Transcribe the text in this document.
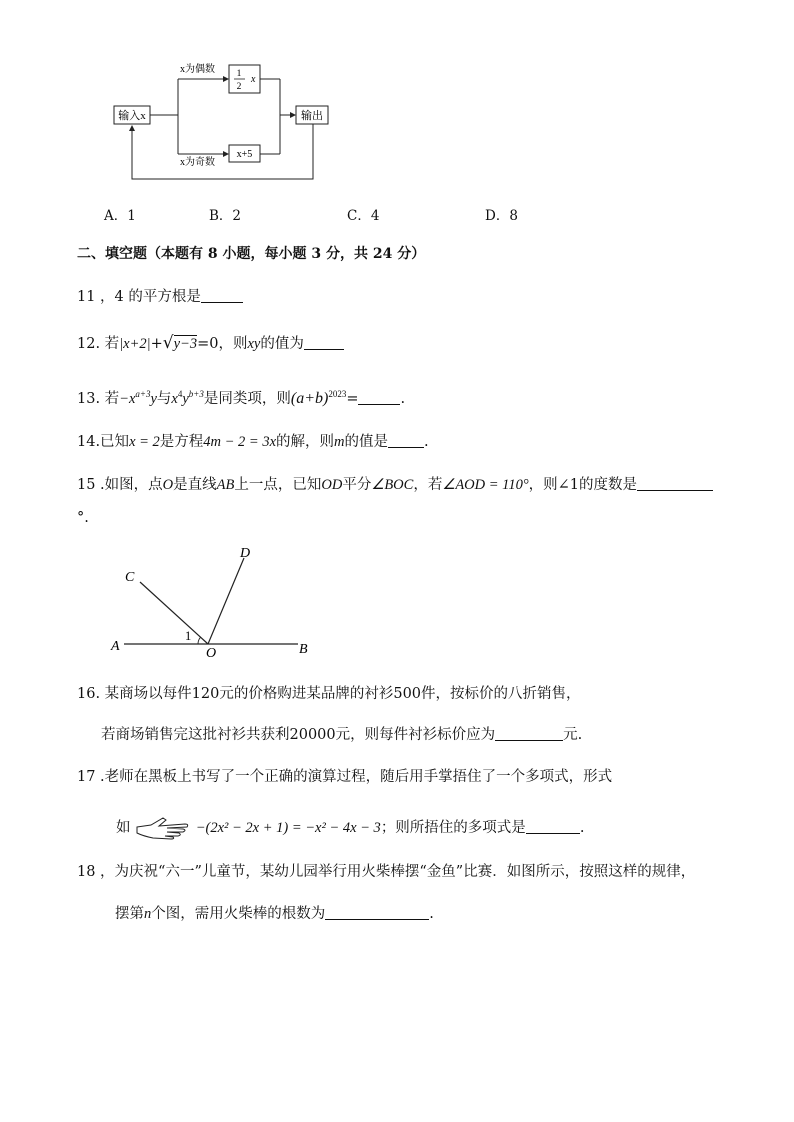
输入x	输出
1
2
x
x+5
x为偶数
x为奇数
A．1	B．2	C．4	D．8
二、填空题（本题有 8 小题，每小题 3 分，共 24 分）
11 ，4 的平方根是
12. 若|x+2|+√y−3=0，则xy的值为
13. 若$-x^{a+3}y$与$x^4y^{b+3}$是同类项，则$(a+b)^{2023}=$	.
14.已知x = 2是方程4m − 2 = 3x的解，则m的值是 .
15 .如图，点O是直线AB上一点，已知OD平分∠BOC，若∠AOD = 110°，则∠1的度数是
°.
A	B
C
D
O
1
16. 某商场以每件120元的价格购进某品牌的衬衫500件，按标价的八折销售，
若商场销售完这批衬衫共获利20000元，则每件衬衫标价应为	元.
17 .老师在黑板上书写了一个正确的演算过程，随后用手掌捂住了一个多项式，形式
如	−(2x² − 2x + 1) = −x² − 4x − 3；则所捂住的多项式是	.
18 ，为庆祝“六一”儿童节，某幼儿园举行用火柴棒摆“金鱼”比赛．如图所示，按照这样的规律，
摆第n个图，需用火柴棒的根数为	.
